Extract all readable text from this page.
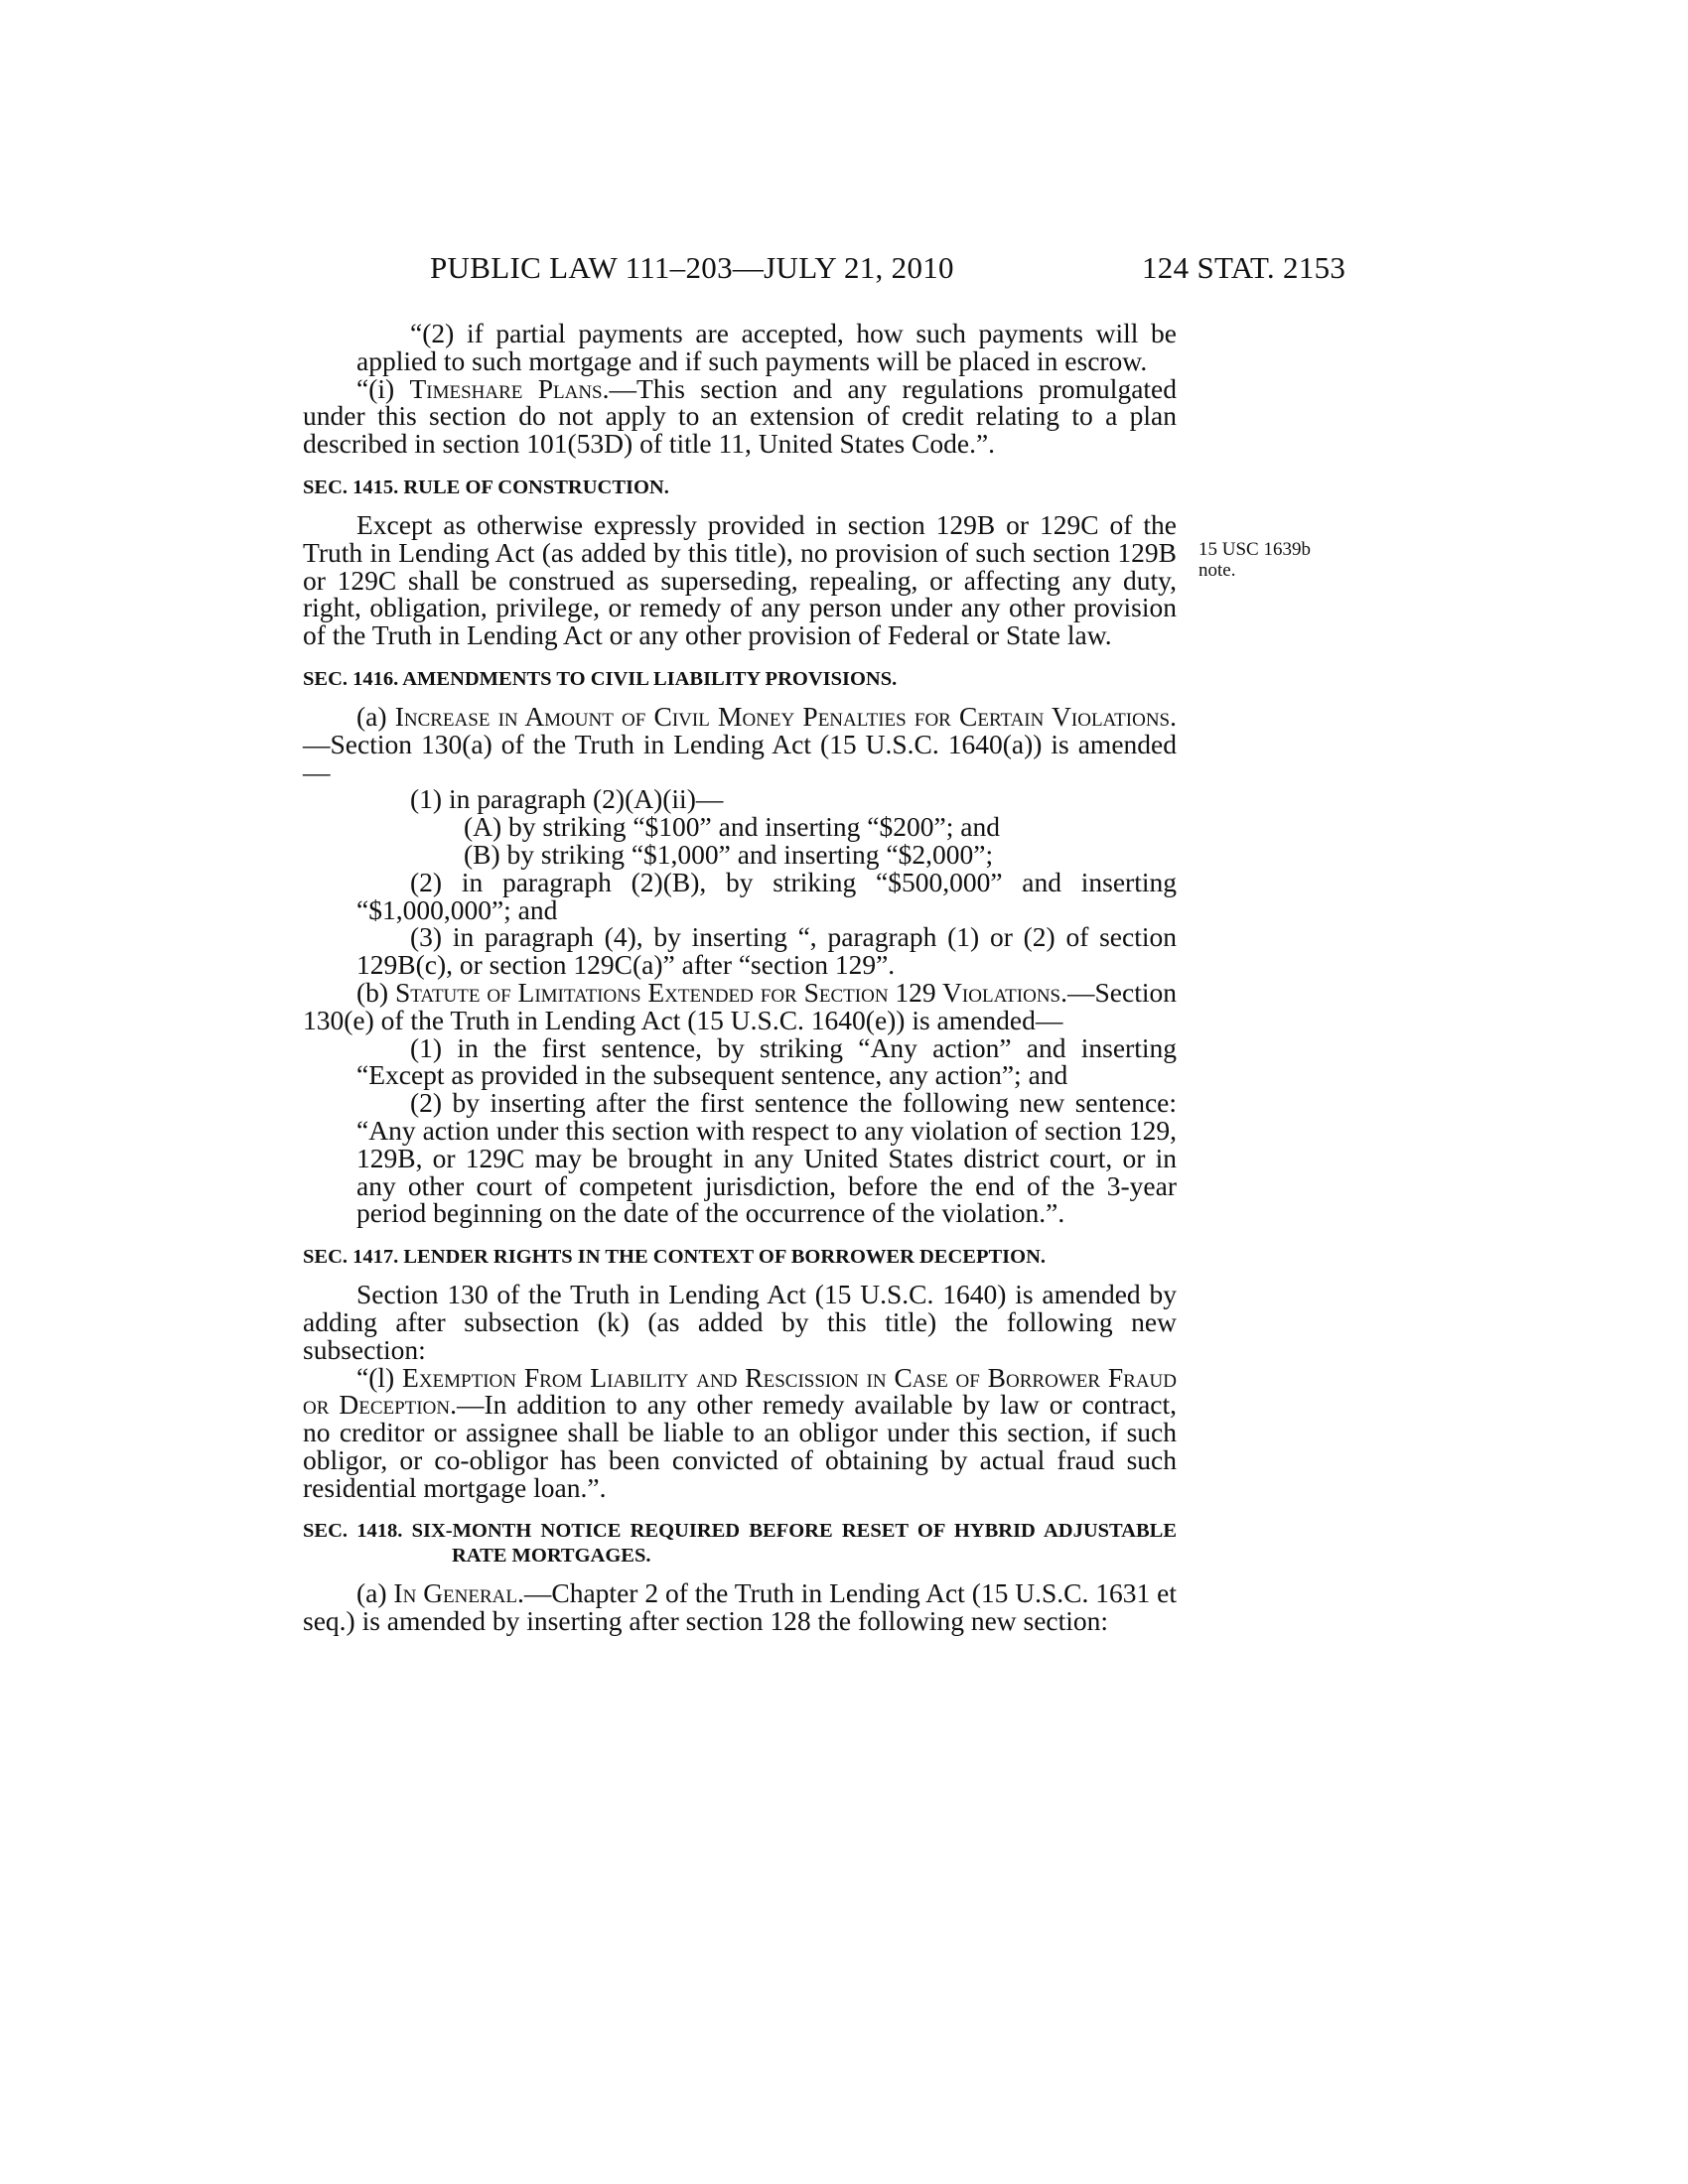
PUBLIC LAW 111–203—JULY 21, 2010	124 STAT. 2153
15 USC 1639b
note.

“(2) if partial payments are accepted, how such payments will be applied to such mortgage and if such payments will be placed in escrow.

“(i) Timeshare Plans.—This section and any regulations promulgated under this section do not apply to an extension of credit relating to a plan described in section 101(53D) of title 11, United States Code.”.

SEC. 1415. RULE OF CONSTRUCTION.

Except as otherwise expressly provided in section 129B or 129C of the Truth in Lending Act (as added by this title), no provision of such section 129B or 129C shall be construed as superseding, repealing, or affecting any duty, right, obligation, privilege, or remedy of any person under any other provision of the Truth in Lending Act or any other provision of Federal or State law.

SEC. 1416. AMENDMENTS TO CIVIL LIABILITY PROVISIONS.

(a) Increase in Amount of Civil Money Penalties for Certain Violations.—Section 130(a) of the Truth in Lending Act (15 U.S.C. 1640(a)) is amended—

(1) in paragraph (2)(A)(ii)—

(A) by striking “$100” and inserting “$200”; and

(B) by striking “$1,000” and inserting “$2,000”;

(2) in paragraph (2)(B), by striking “$500,000” and inserting “$1,000,000”; and

(3) in paragraph (4), by inserting “, paragraph (1) or (2) of section 129B(c), or section 129C(a)” after “section 129”.

(b) Statute of Limitations Extended for Section 129 Violations.—Section 130(e) of the Truth in Lending Act (15 U.S.C. 1640(e)) is amended—

(1) in the first sentence, by striking “Any action” and inserting “Except as provided in the subsequent sentence, any action”; and

(2) by inserting after the first sentence the following new sentence: “Any action under this section with respect to any violation of section 129, 129B, or 129C may be brought in any United States district court, or in any other court of competent jurisdiction, before the end of the 3-year period beginning on the date of the occurrence of the violation.”.

SEC. 1417. LENDER RIGHTS IN THE CONTEXT OF BORROWER DECEPTION.

Section 130 of the Truth in Lending Act (15 U.S.C. 1640) is amended by adding after subsection (k) (as added by this title) the following new subsection:

“(l) Exemption From Liability and Rescission in Case of Borrower Fraud or Deception.—In addition to any other remedy available by law or contract, no creditor or assignee shall be liable to an obligor under this section, if such obligor, or co-obligor has been convicted of obtaining by actual fraud such residential mortgage loan.”.

SEC. 1418. SIX-MONTH NOTICE REQUIRED BEFORE RESET OF HYBRID ADJUSTABLE RATE MORTGAGES.

(a) In General.—Chapter 2 of the Truth in Lending Act (15 U.S.C. 1631 et seq.) is amended by inserting after section 128 the following new section:
